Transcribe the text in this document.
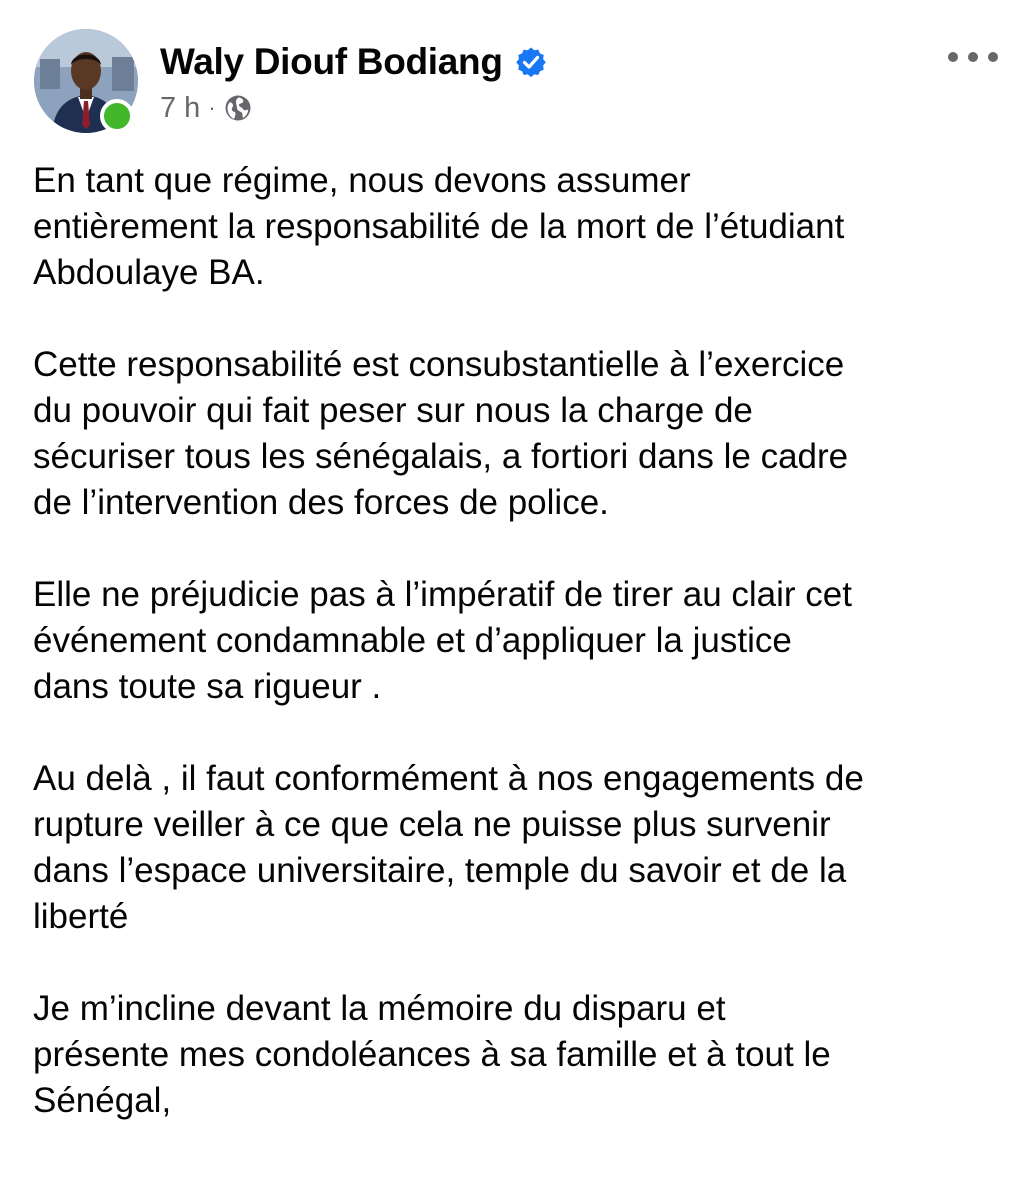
Waly Diouf Bodiang
7 h ·

En tant que régime, nous devons assumer
entièrement la responsabilité de la mort de l’étudiant
Abdoulaye BA.

Cette responsabilité est consubstantielle à l’exercice
du pouvoir qui fait peser sur nous la charge de
sécuriser tous les sénégalais, a fortiori dans le cadre
de l’intervention des forces de police.

Elle ne préjudicie pas à l’impératif de tirer au clair cet
événement condamnable et d’appliquer la justice
dans toute sa rigueur .

Au delà , il faut conformément à nos engagements de
rupture veiller à ce que cela ne puisse plus survenir
dans l’espace universitaire, temple du savoir et de la
liberté

Je m’incline devant la mémoire du disparu et
présente mes condoléances à sa famille et à tout le
Sénégal,
